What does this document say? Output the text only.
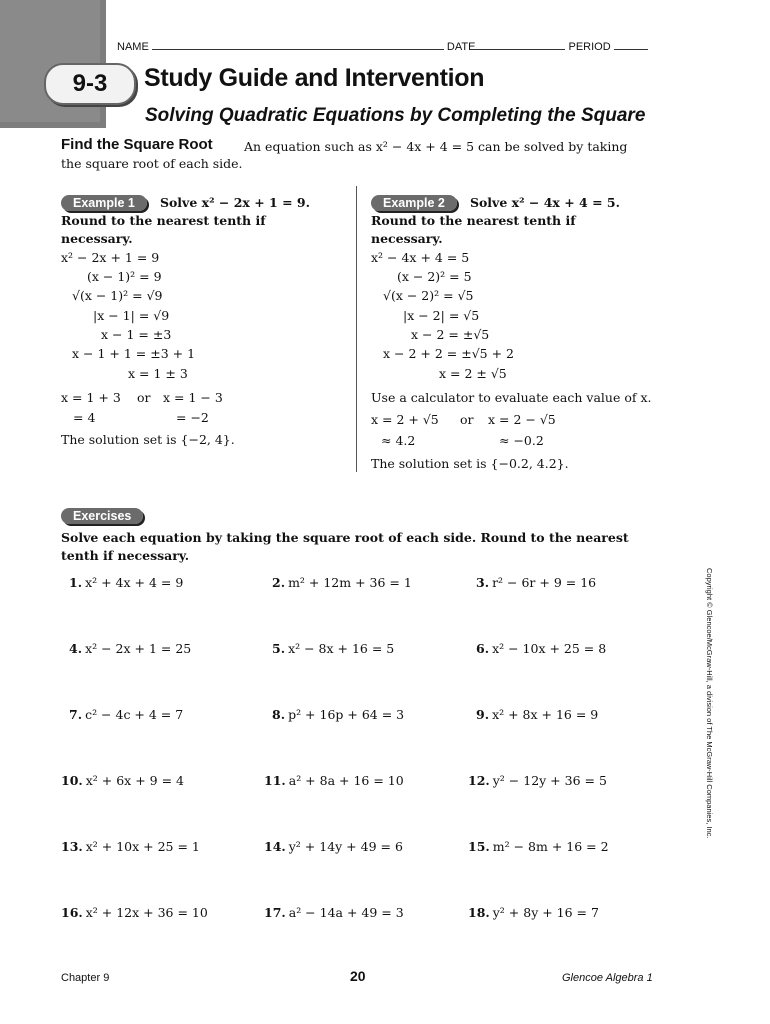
NAME	DATE	PERIOD
9-3	Study Guide and Intervention
Solving Quadratic Equations by Completing the Square
Find the Square Root	An equation such as x² − 4x + 4 = 5 can be solved by taking
the square root of each side.
Example 1 Solve x² − 2x + 1 = 9.
Round to the nearest tenth if
necessary.
x² − 2x + 1 = 9
(x − 1)² = 9
√(x − 1)² = √9
|x − 1| = √9
x − 1 = ±3
x − 1 + 1 = ±3 + 1
x = 1 ± 3
x = 1 + 3 or x = 1 − 3
= 4	= −2
The solution set is {−2, 4}.
Example 2 Solve x² − 4x + 4 = 5.
Round to the nearest tenth if
necessary.
x² − 4x + 4 = 5
(x − 2)² = 5
√(x − 2)² = √5
|x − 2| = √5
x − 2 = ±√5
x − 2 + 2 = ±√5 + 2
x = 2 ± √5
Use a calculator to evaluate each value of x.
x = 2 + √5 or x = 2 − √5
≈ 4.2	≈ −0.2
The solution set is {−0.2, 4.2}.
Exercises
Solve each equation by taking the square root of each side. Round to the nearest
tenth if necessary.
1. x² + 4x + 4 = 9	2. m² + 12m + 36 = 1	3. r² − 6r + 9 = 16
4. x² − 2x + 1 = 25	5. x² − 8x + 16 = 5	6. x² − 10x + 25 = 8
7. c² − 4c + 4 = 7	8. p² + 16p + 64 = 3	9. x² + 8x + 16 = 9
10. x² + 6x + 9 = 4	11. a² + 8a + 16 = 10	12. y² − 12y + 36 = 5
13. x² + 10x + 25 = 1	14. y² + 14y + 49 = 6	15. m² − 8m + 16 = 2
16. x² + 12x + 36 = 10	17. a² − 14a + 49 = 3	18. y² + 8y + 16 = 7
Copyright © Glencoe/McGraw-Hill, a division of The McGraw-Hill Companies, Inc.
Chapter 9	20	Glencoe Algebra 1
